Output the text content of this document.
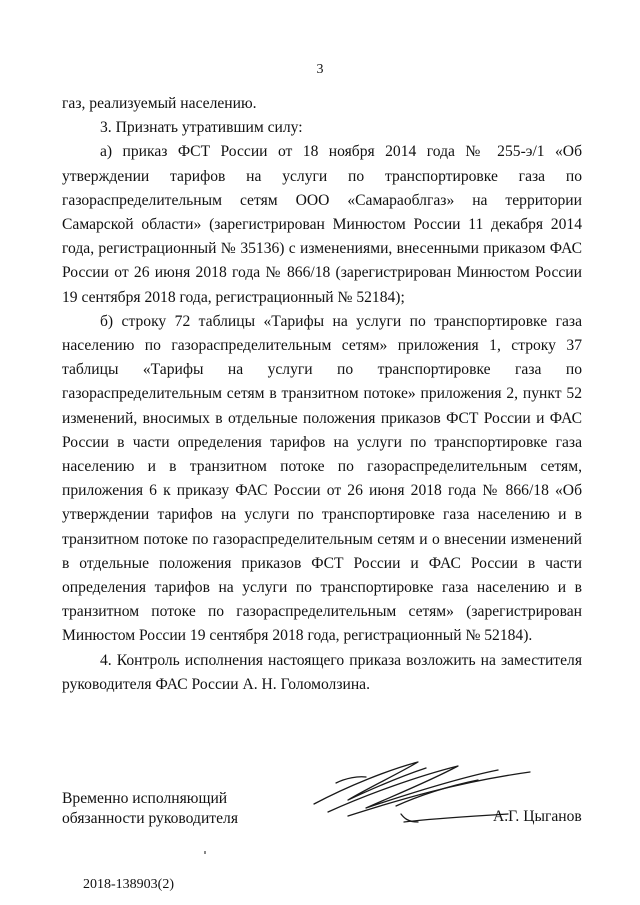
3

газ, реализуемый населению.

3. Признать утратившим силу:

а) приказ ФСТ России от 18 ноября 2014 года № 255-э/1 «Об утверждении тарифов на услуги по транспортировке газа по газораспределительным сетям ООО «Самараоблгаз» на территории Самарской области» (зарегистрирован Минюстом России 11 декабря 2014 года, регистрационный № 35136) с изменениями, внесенными приказом ФАС России от 26 июня 2018 года № 866/18 (зарегистрирован Минюстом России 19 сентября 2018 года, регистрационный № 52184);

б) строку 72 таблицы «Тарифы на услуги по транспортировке газа населению по газораспределительным сетям» приложения 1, строку 37 таблицы «Тарифы на услуги по транспортировке газа по газораспределительным сетям в транзитном потоке» приложения 2, пункт 52 изменений, вносимых в отдельные положения приказов ФСТ России и ФАС России в части определения тарифов на услуги по транспортировке газа населению и в транзитном потоке по газораспределительным сетям, приложения 6 к приказу ФАС России от 26 июня 2018 года № 866/18 «Об утверждении тарифов на услуги по транспортировке газа населению и в транзитном потоке по газораспределительным сетям и о внесении изменений в отдельные положения приказов ФСТ России и ФАС России в части определения тарифов на услуги по транспортировке газа населению и в транзитном потоке по газораспределительным сетям» (зарегистрирован Минюстом России 19 сентября 2018 года, регистрационный № 52184).

4. Контроль исполнения настоящего приказа возложить на заместителя руководителя ФАС России А. Н. Голомолзина.

Временно исполняющий
обязанности руководителя	А.Г. Цыганов
2018-138903(2)
